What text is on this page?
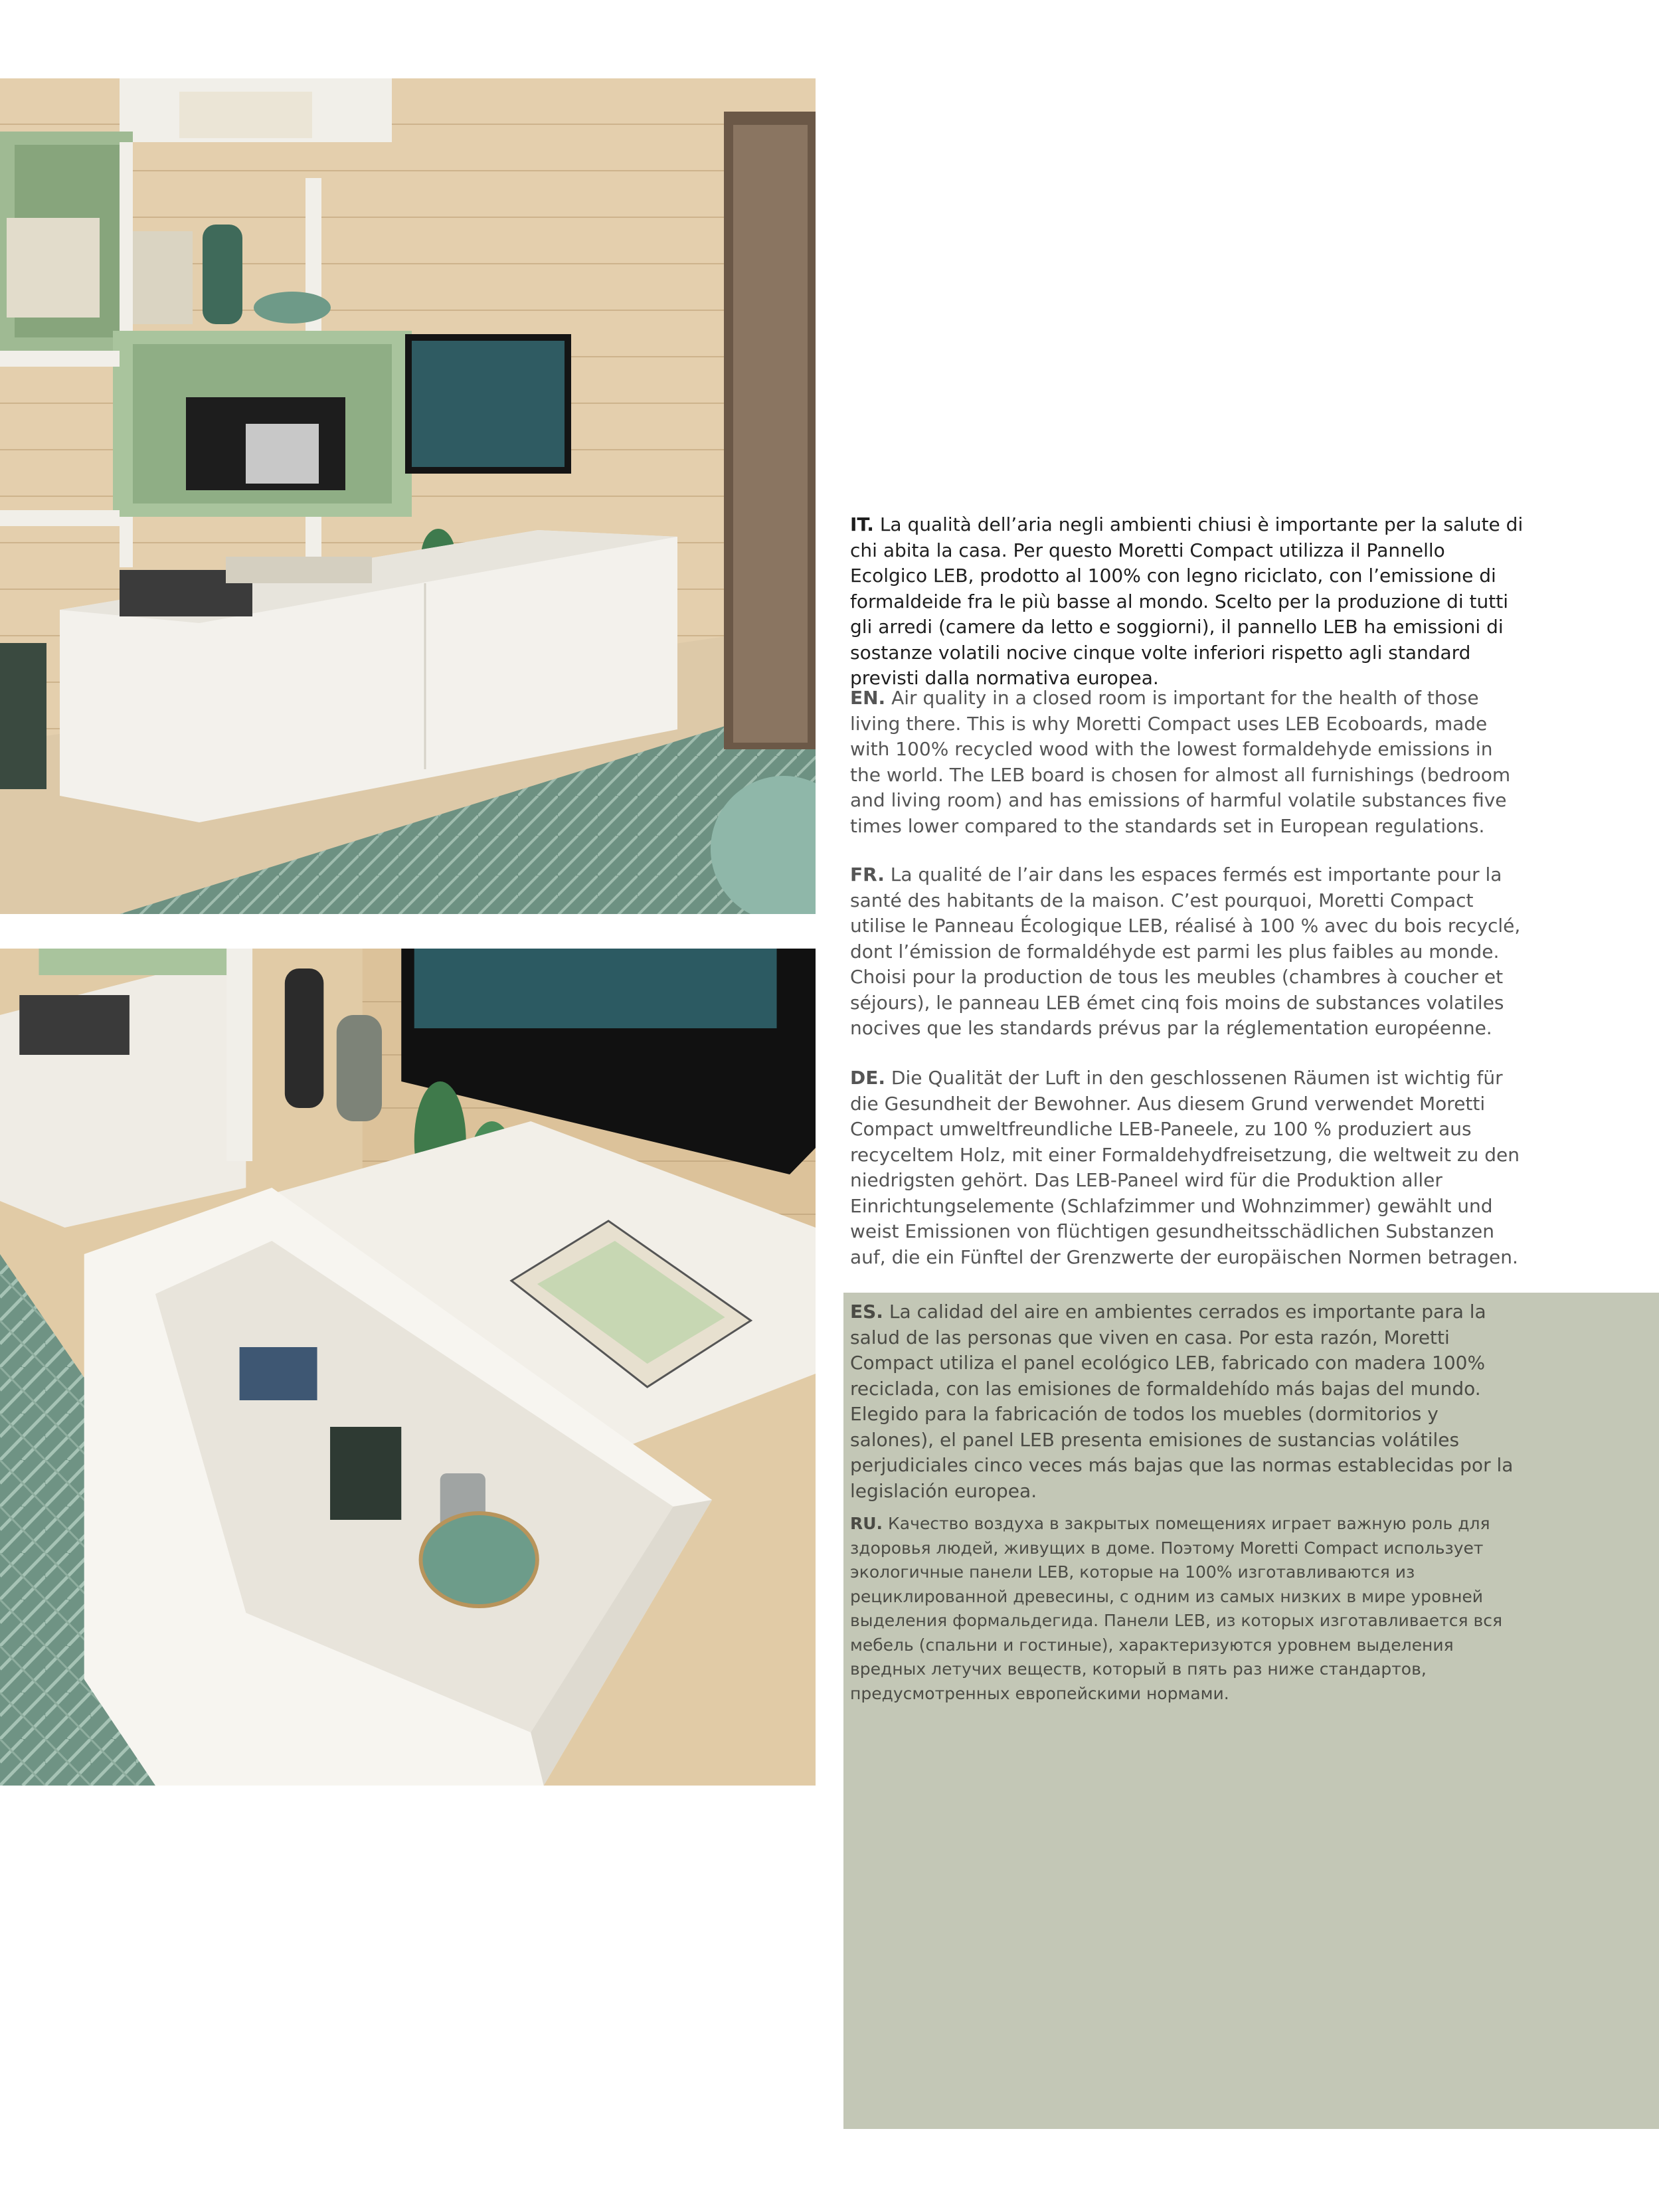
IT. La qualità dell’aria negli ambienti chiusi è importante per la salute di chi abita la casa. Per questo Moretti Compact utilizza il Pannello Ecolgico LEB, prodotto al 100% con legno riciclato, con l’emissione di formaldeide fra le più basse al mondo. Scelto per la produzione di tutti gli arredi (camere da letto e soggiorni), il pannello LEB ha emissioni di sostanze volatili nocive cinque volte inferiori rispetto agli standard previsti dalla normativa europea.

EN. Air quality in a closed room is important for the health of those living there. This is why Moretti Compact uses LEB Ecoboards, made with 100% recycled wood with the lowest formaldehyde emissions in the world. The LEB board is chosen for almost all furnishings (bedroom and living room) and has emissions of harmful volatile substances five times lower compared to the standards set in European regulations.

FR. La qualité de l’air dans les espaces fermés est importante pour la santé des habitants de la maison. C’est pourquoi, Moretti Compact utilise le Panneau Écologique LEB, réalisé à 100 % avec du bois recyclé, dont l’émission de formaldéhyde est parmi les plus faibles au monde. Choisi pour la production de tous les meubles (chambres à coucher et séjours), le panneau LEB émet cinq fois moins de substances volatiles nocives que les standards prévus par la réglementation européenne.

DE. Die Qualität der Luft in den geschlossenen Räumen ist wichtig für die Gesundheit der Bewohner. Aus diesem Grund verwendet Moretti Compact umweltfreundliche LEB-Paneele, zu 100 % produziert aus recyceltem Holz, mit einer Formaldehydfreisetzung, die weltweit zu den niedrigsten gehört. Das LEB-Paneel wird für die Produktion aller Einrichtungselemente (Schlafzimmer und Wohnzimmer) gewählt und weist Emissionen von flüchtigen gesundheitsschädlichen Substanzen auf, die ein Fünftel der Grenzwerte der europäischen Normen betragen.

ES. La calidad del aire en ambientes cerrados es importante para la salud de las personas que viven en casa. Por esta razón, Moretti Compact utiliza el panel ecológico LEB, fabricado con madera 100% reciclada, con las emisiones de formaldehído más bajas del mundo. Elegido para la fabricación de todos los muebles (dormitorios y salones), el panel LEB presenta emisiones de sustancias volátiles perjudiciales cinco veces más bajas que las normas establecidas por la legislación europea.

RU. Качество воздуха в закрытых помещениях играет важную роль для здоровья людей, живущих в доме. Поэтому Moretti Compact использует экологичные панели LEB, которые на 100% изготавливаются из рециклированной древесины, с одним из самых низких в мире уровней выделения формальдегида. Панели LEB, из которых изготавливается вся мебель (спальни и гостиные), характеризуются уровнем выделения вредных летучих веществ, который в пять раз ниже стандартов, предусмотренных европейскими нормами.
